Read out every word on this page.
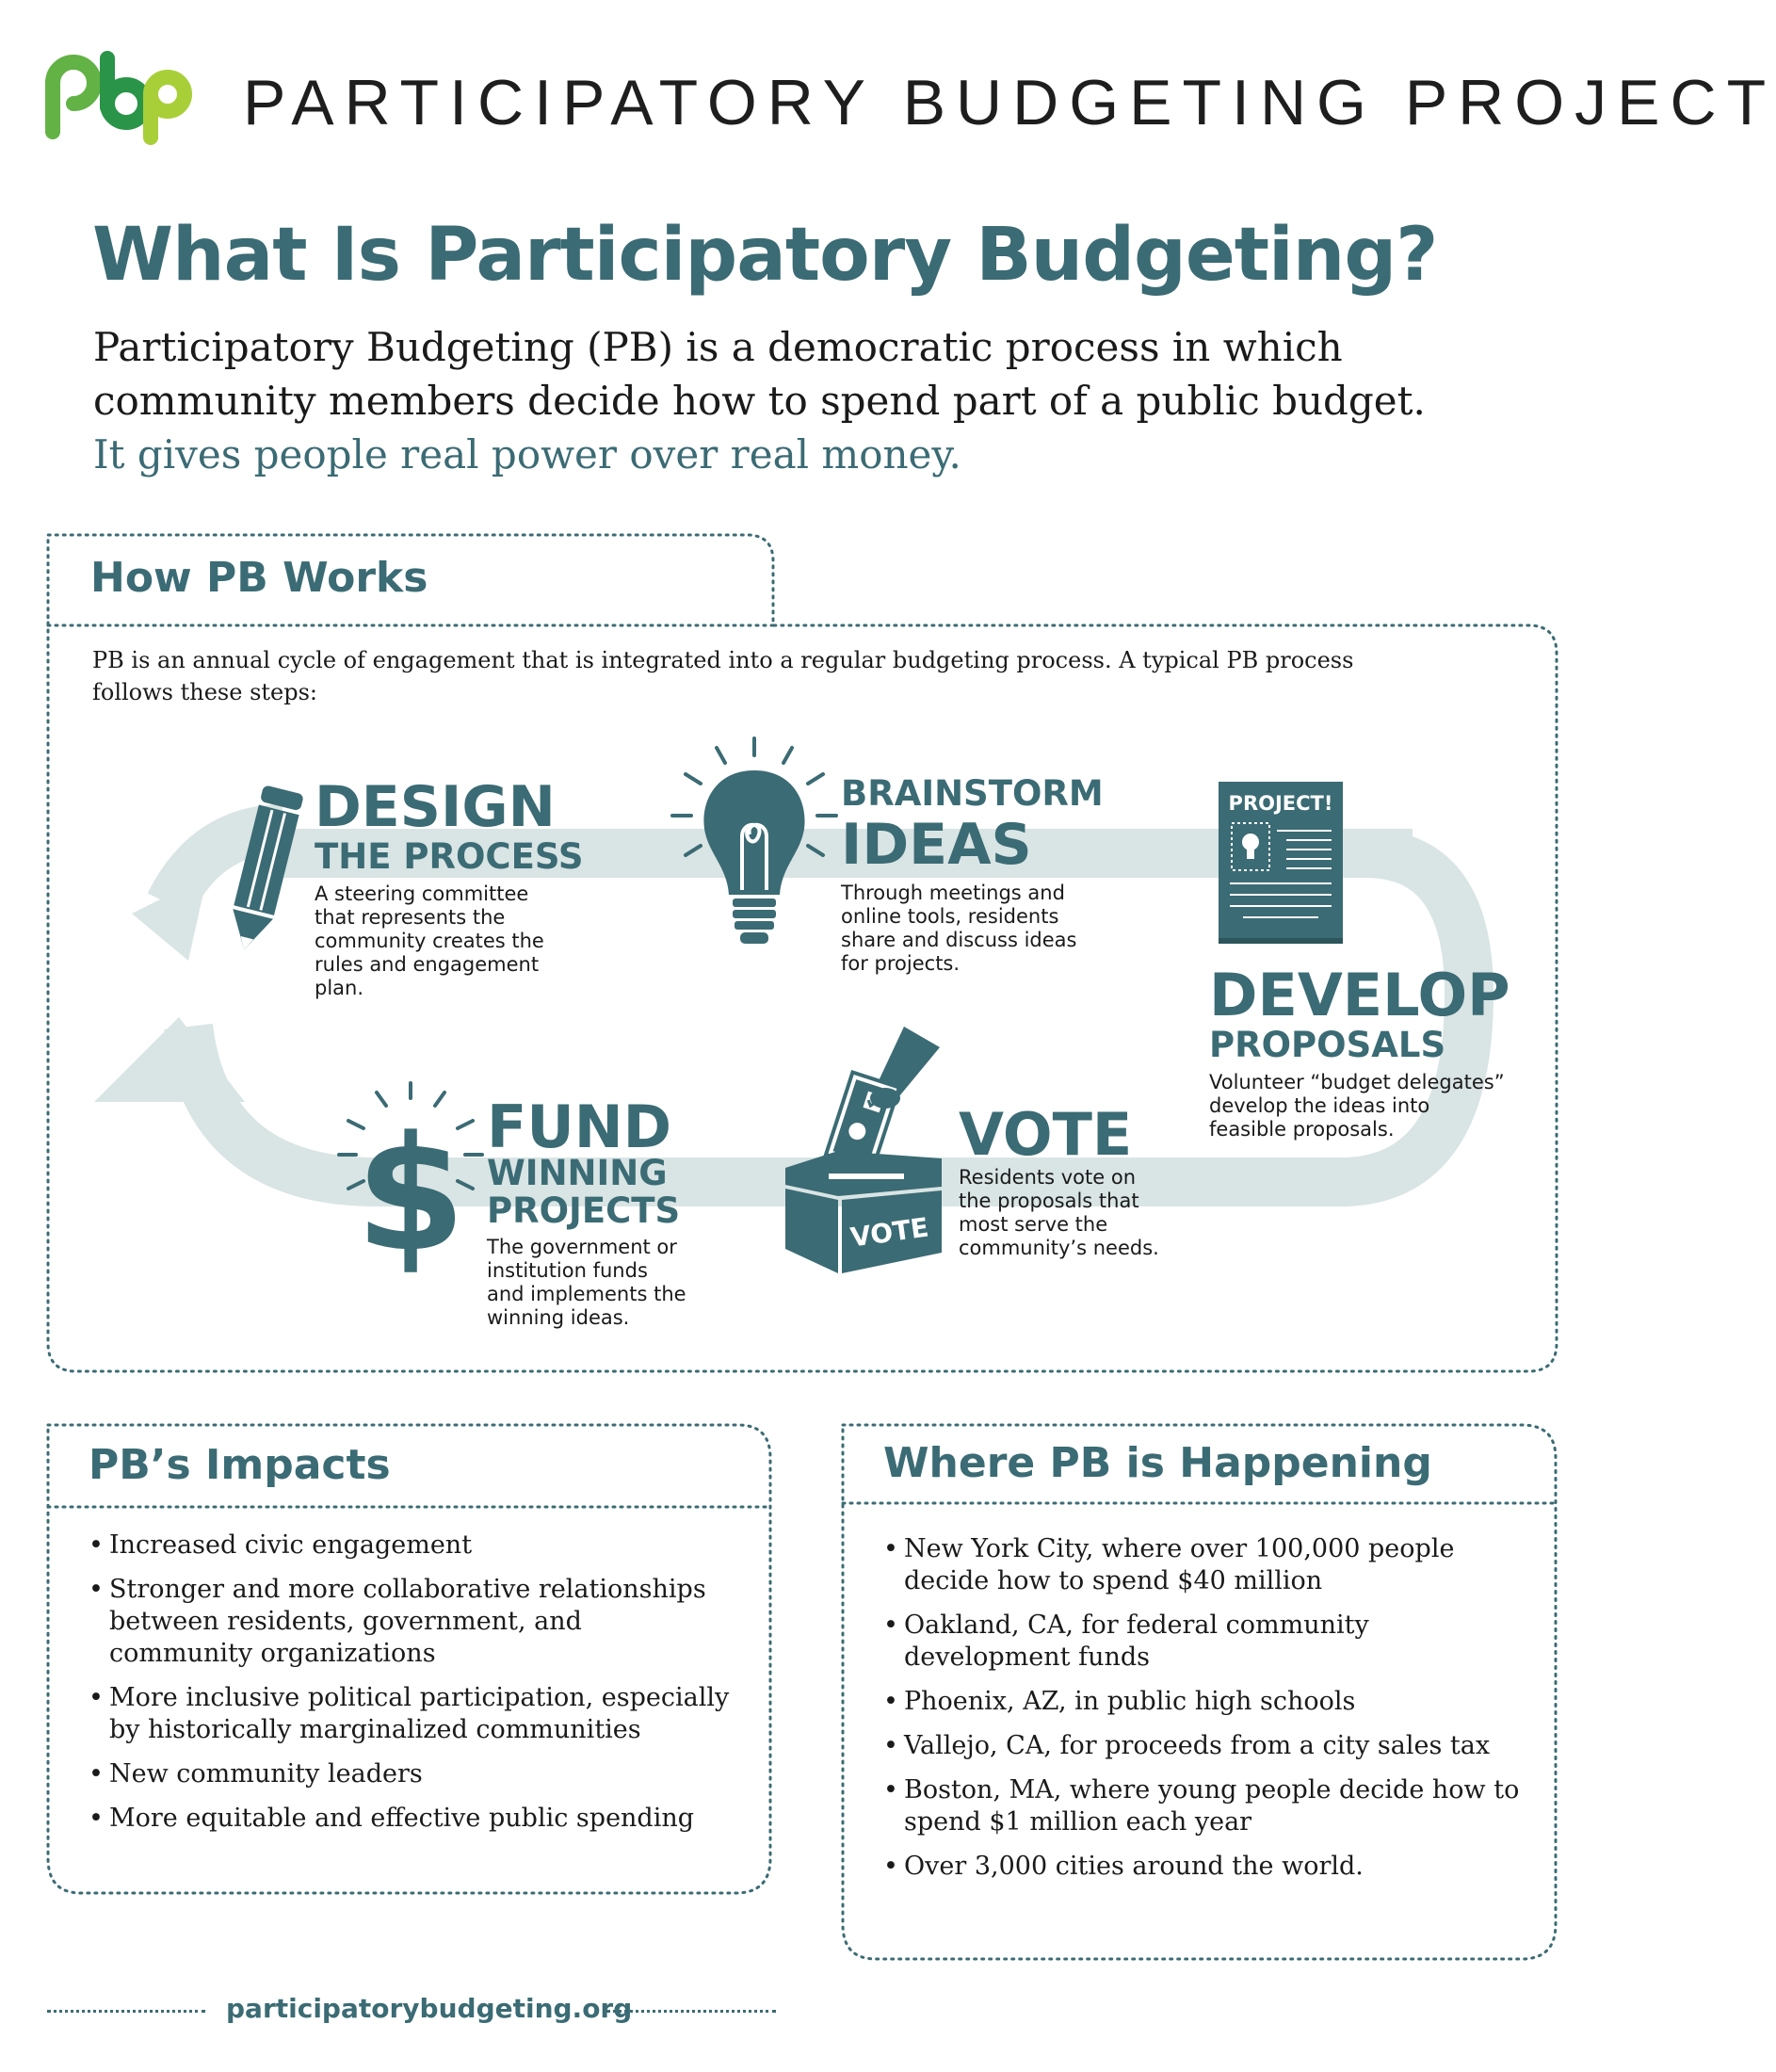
PARTICIPATORY BUDGETING PROJECT
What Is Participatory Budgeting?
Participatory Budgeting (PB) is a democratic process in which
community members decide how to spend part of a public budget.
It gives people real power over real money.
How PB Works
PB is an annual cycle of engagement that is integrated into a regular budgeting process. A typical PB process
follows these steps:
DESIGN
THE PROCESS
A steering committee
that represents the
community creates the
rules and engagement
plan.
BRAINSTORM
IDEAS
Through meetings and
online tools, residents
share and discuss ideas
for projects.
PROJECT!
DEVELOP
PROPOSALS
Volunteer “budget delegates”
develop the ideas into
feasible proposals.
VOTE
VOTE
Residents vote on
the proposals that
most serve the
community’s needs.
$ FUND
WINNING
PROJECTS
The government or
institution funds
and implements the
winning ideas.
PB’s Impacts
• Increased civic engagement
• Stronger and more collaborative relationships
between residents, government, and
community organizations
• More inclusive political participation, especially
by historically marginalized communities
• New community leaders
• More equitable and effective public spending
Where PB is Happening
• New York City, where over 100,000 people
decide how to spend $40 million
• Oakland, CA, for federal community
development funds
• Phoenix, AZ, in public high schools
• Vallejo, CA, for proceeds from a city sales tax
• Boston, MA, where young people decide how to
spend $1 million each year
• Over 3,000 cities around the world.
participatorybudgeting.org
